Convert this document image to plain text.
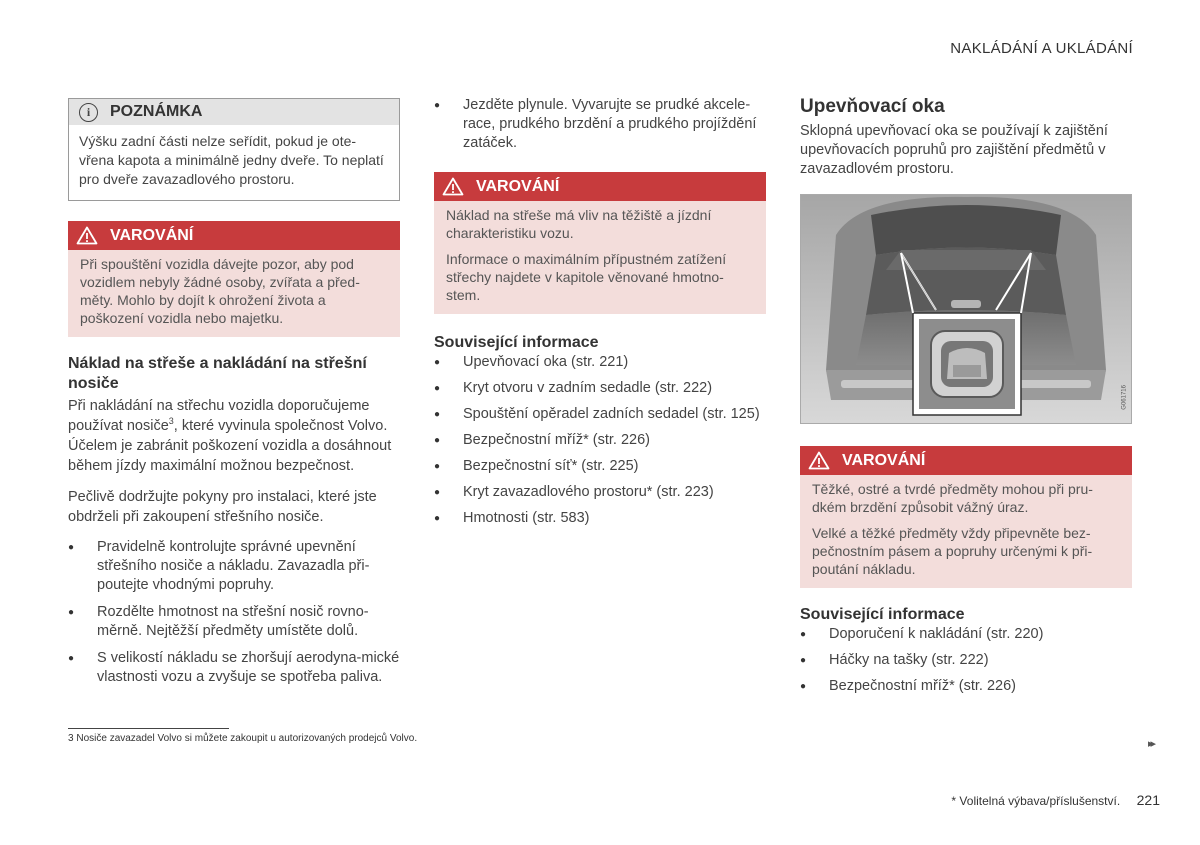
NAKLÁDÁNÍ A UKLÁDÁNÍ
i	POZNÁMKA

Výšku zadní části nelze seřídit, pokud je ote-vřena kapota a minimálně jedny dveře. To neplatí pro dveře zavazadlového prostoru.

VAROVÁNÍ

Při spouštění vozidla dávejte pozor, aby pod vozidlem nebyly žádné osoby, zvířata a před-měty. Mohlo by dojít k ohrožení života a poškození vozidla nebo majetku.

Náklad na střeše a nakládání na střešní nosiče

Při nakládání na střechu vozidla doporučujeme používat nosiče$^3$, které vyvinula společnost Volvo. Účelem je zabránit poškození vozidla a dosáhnout během jízdy maximální možnou bezpečnost.

Pečlivě dodržujte pokyny pro instalaci, které jste obdrželi při zakoupení střešního nosiče.

● Pravidelně kontrolujte správné upevnění střešního nosiče a nákladu. Zavazadla při-poutejte vhodnými popruhy.
● Rozdělte hmotnost na střešní nosič rovno-měrně. Nejtěžší předměty umístěte dolů.
● S velikostí nákladu se zhoršují aerodyna-mické vlastnosti vozu a zvyšuje se spotřeba paliva.
● Jezděte plynule. Vyvarujte se prudké akcele-race, prudkého brzdění a prudkého projíždění zatáček.
VAROVÁNÍ

Náklad na střeše má vliv na těžiště a jízdní charakteristiku vozu.

Informace o maximálním přípustném zatížení střechy najdete v kapitole věnované hmotno-stem.

Související informace
● Upevňovací oka (str. 221)
● Kryt otvoru v zadním sedadle (str. 222)
● Spouštění opěradel zadních sedadel (str. 125)
● Bezpečnostní mříž* (str. 226)
● Bezpečnostní síť* (str. 225)
● Kryt zavazadlového prostoru* (str. 223)
● Hmotnosti (str. 583)
Upevňovací oka

Sklopná upevňovací oka se používají k zajištění upevňovacích popruhů pro zajištění předmětů v zavazadlovém prostoru.

G061716
VAROVÁNÍ

Těžké, ostré a tvrdé předměty mohou při pru-dkém brzdění způsobit vážný úraz.

Velké a těžké předměty vždy připevněte bez-pečnostním pásem a popruhy určenými k při-poutání nákladu.

Související informace
● Doporučení k nakládání (str. 220)
● Háčky na tašky (str. 222)
● Bezpečnostní mříž* (str. 226)
3 Nosiče zavazadel Volvo si můžete zakoupit u autorizovaných prodejců Volvo.	▸▸
* Volitelná výbava/příslušenství. 221
